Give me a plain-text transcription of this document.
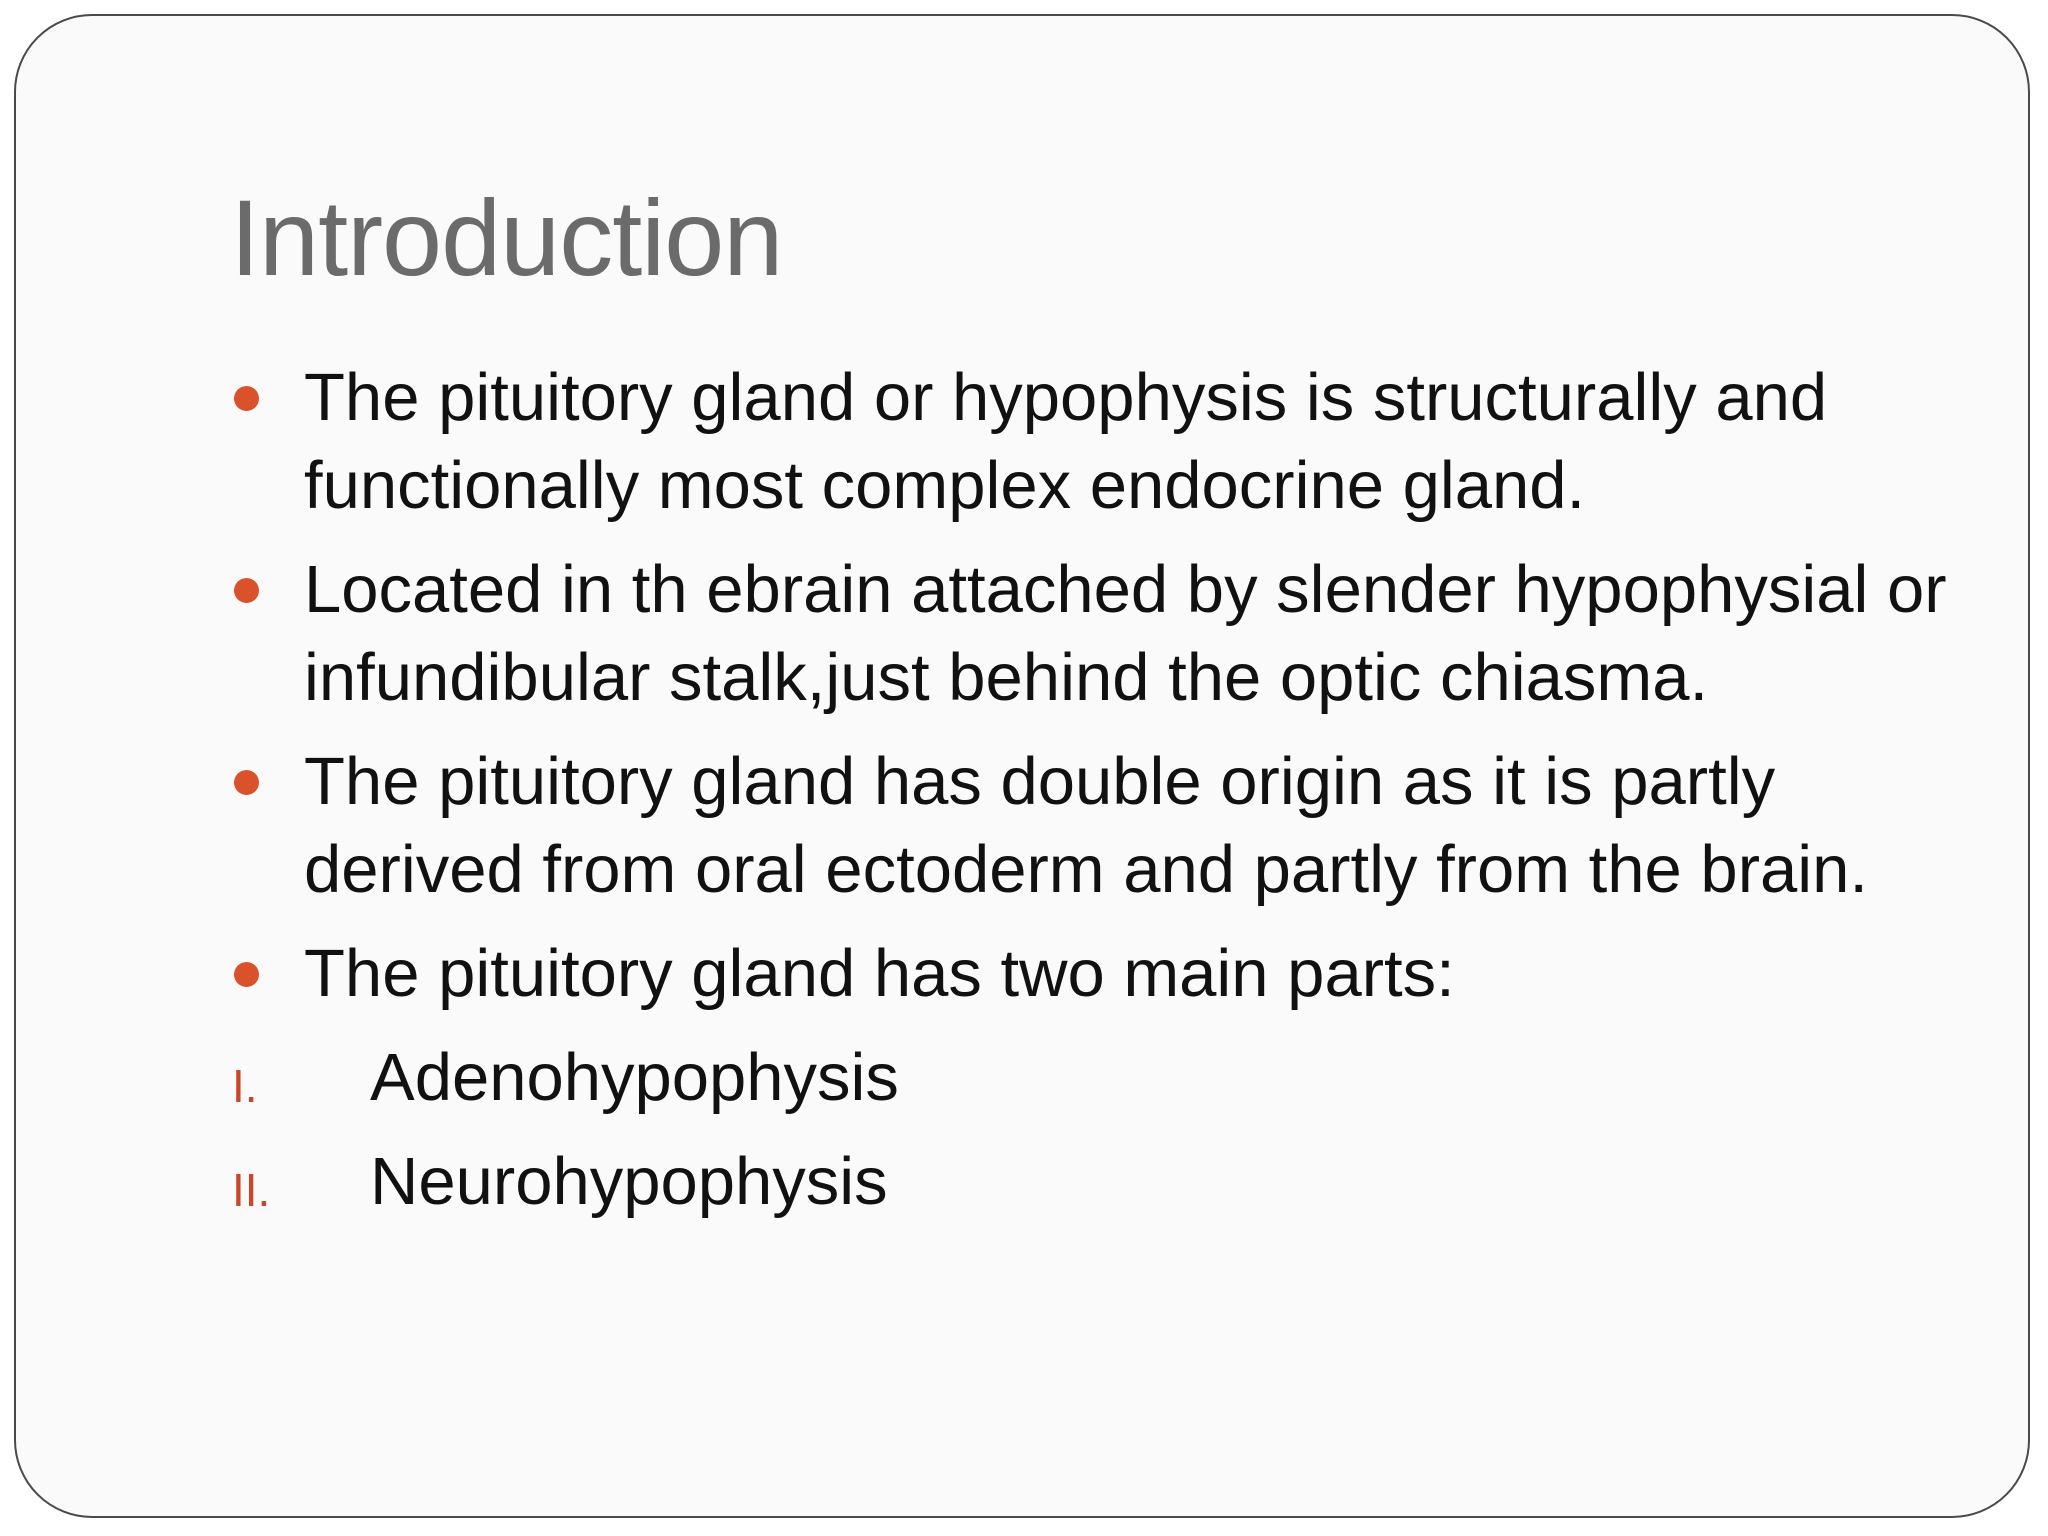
Introduction
The pituitory gland or hypophysis is structurally and functionally most complex endocrine gland.
Located in th ebrain attached by slender hypophysial or infundibular stalk,just behind the optic chiasma.
The pituitory gland has double origin as it is partly derived from oral ectoderm and partly from the brain.
The pituitory gland has two main parts:
I. Adenohypophysis
II. Neurohypophysis
